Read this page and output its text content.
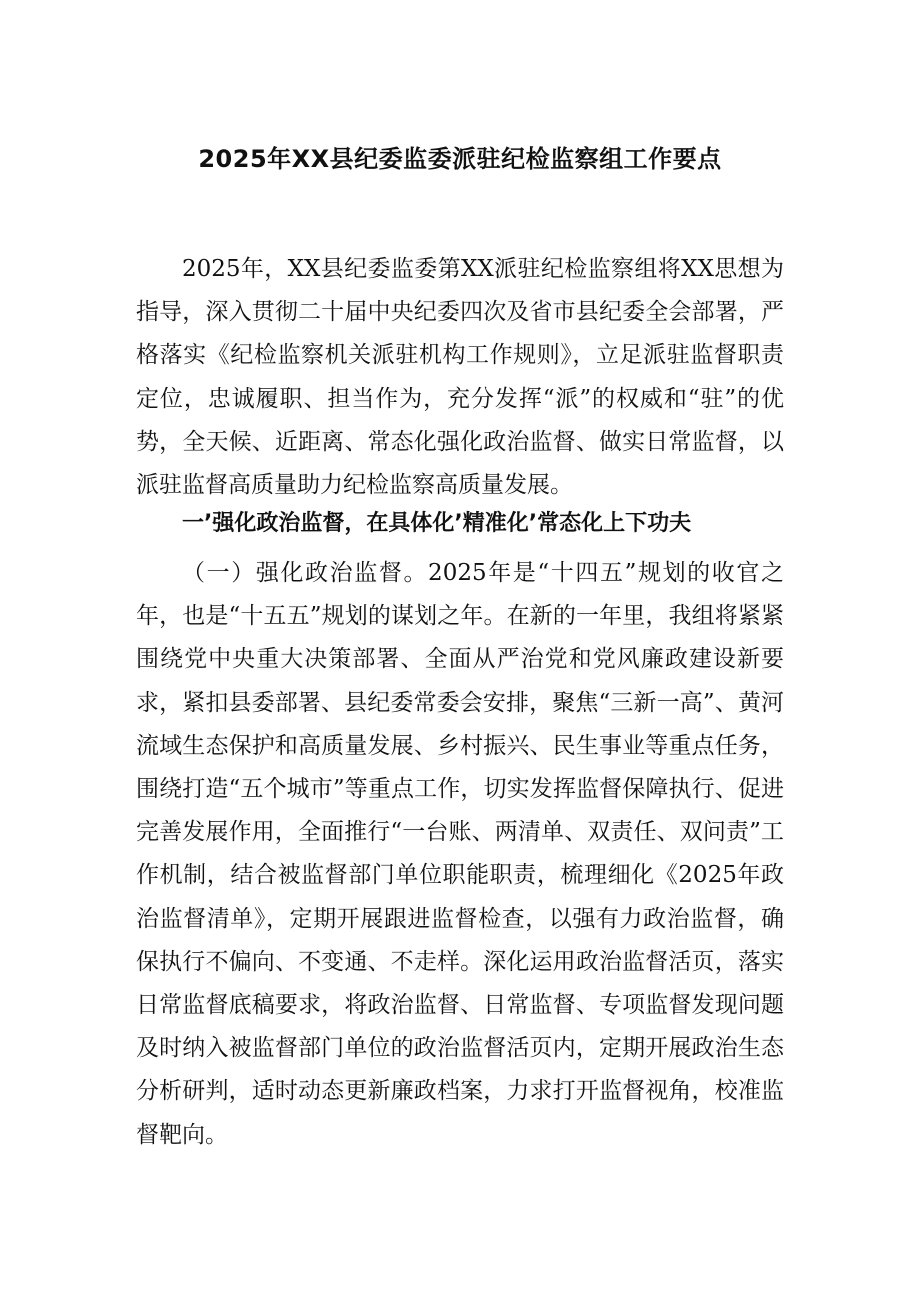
2025年XX县纪委监委派驻纪检监察组工作要点

2025年，XX县纪委监委第XX派驻纪检监察组将XX思想为指导，深入贯彻二十届中央纪委四次及省市县纪委全会部署，严格落实《纪检监察机关派驻机构工作规则》，立足派驻监督职责定位，忠诚履职、担当作为，充分发挥“派”的权威和“驻”的优势，全天候、近距离、常态化强化政治监督、做实日常监督，以派驻监督高质量助力纪检监察高质量发展。

一’强化政治监督，在具体化’精准化’常态化上下功夫

（一）强化政治监督。2025年是“十四五”规划的收官之年，也是“十五五”规划的谋划之年。在新的一年里，我组将紧紧围绕党中央重大决策部署、全面从严治党和党风廉政建设新要求，紧扣县委部署、县纪委常委会安排，聚焦“三新一高”、黄河流域生态保护和高质量发展、乡村振兴、民生事业等重点任务，围绕打造“五个城市”等重点工作，切实发挥监督保障执行、促进完善发展作用，全面推行“一台账、两清单、双责任、双问责”工作机制，结合被监督部门单位职能职责，梳理细化《2025年政治监督清单》，定期开展跟进监督检查，以强有力政治监督，确保执行不偏向、不变通、不走样。深化运用政治监督活页，落实日常监督底稿要求，将政治监督、日常监督、专项监督发现问题及时纳入被监督部门单位的政治监督活页内，定期开展政治生态分析研判，适时动态更新廉政档案，力求打开监督视角，校准监督靶向。
